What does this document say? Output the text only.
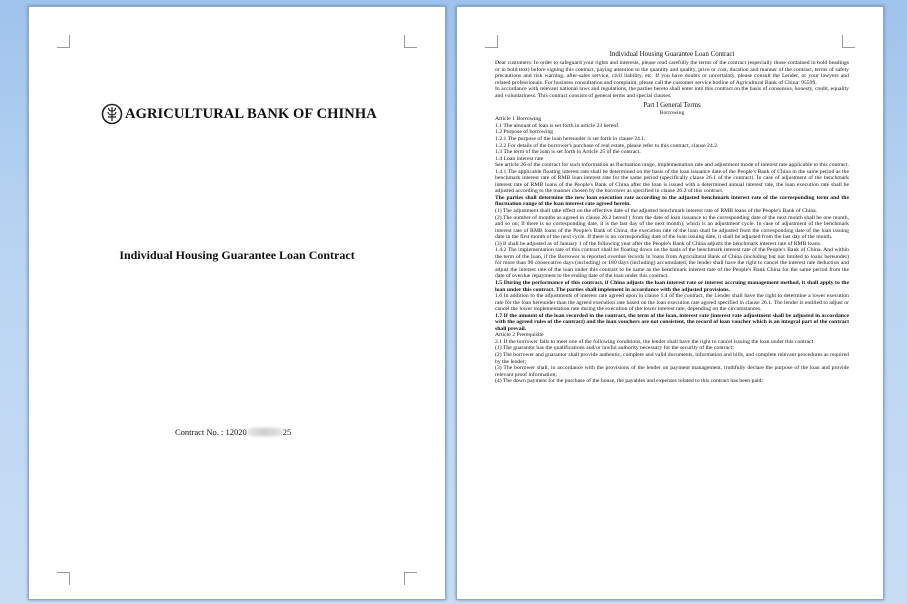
AGRICULTURAL BANK OF CHINHA
Individual Housing Guarantee Loan Contract
Contract No. : 12020	25

Individual Housing Guarantee Loan Contract

Dear customers: In order to safeguard your rights and interests, please read carefully the terms of the contract (especially those contained in bold headings or in bold text) before signing this contract, paying attention to the quantity and quality, price or cost, duration and manner of the contract, terms of safety precautions and risk warning, after-sales service, civil liability, etc. If you have doubts or uncertainty, please consult the Lender, or your lawyers and related professionals. For business consultation and complaint, please call the customer service hotline of Agricultural Bank of China: 95599.

In accordance with relevant national laws and regulations, the parties hereto shall enter into this contract on the basis of consensus, honesty, credit, equality and voluntariness. This contract consists of general terms and special clauses.

Part I General Terms

Borrowing

Article 1 Borrowing

1.1 The amount of loan is set forth in article 23 hereof.

1.2 Purpose of borrowing

1.2.1 The purpose of the loan hereunder is set forth in clause 24.1.

1.2.2 For details of the borrower's purchase of real estate, please refer to this contract, clause 24.2.

1.3 The term of the loan is set forth in Article 25 of the contract.

1.4 Loan interest rate

See article 26 of the contract for such information as fluctuation range, implementation rate and adjustment mode of interest rate applicable to this contract.

1.4.1 The applicable floating interest rate shall be determined on the basis of the loan issuance date of the People's Bank of China in the same period as the benchmark interest rate of RMB loan interest rate for the same period (specifically clause 26.1 of the contract). In case of adjustment of the benchmark interest rate of RMB loans of the People's Bank of China after the loan is issued with a determined annual interest rate, the loan execution rate shall be adjusted according to the manner chosen by the borrower as specified in clause 26.2 of this contract.

The parties shall determine the new loan execution rate according to the adjusted benchmark interest rate of the corresponding term and the fluctuation range of the loan interest rate agreed herein.

(1) The adjustment shall take effect on the effective date of the adjusted benchmark interest rate of RMB loans of the People's Bank of China.

(2) The number of months as agreed in clause 26.2 hereof ( from the date of loan issuance to the corresponding date of the next month shall be one month, and so on; If there is no corresponding date, it is the last day of the next month), which is an adjustment cycle. In case of adjustment of the benchmark interest rate of RMB loans of the People's Bank of China, the execution rate of the loan shall be adjusted from the corresponding date of the loan issuing date in the first month of the next cycle. If there is no corresponding date of the loan issuing date, it shall be adjusted from the last day of the month.

(3) It shall be adjusted as of January 1 of the following year after the People's Bank of China adjusts the benchmark interest rate of RMB loans.

1.4.2 The implementation rate of this contract shall be floating down on the basis of the benchmark interest rate of the People's Bank of China. And within the term of the loan, if the Borrower is reported overdue records in loans from Agricultural Bank of China (including but not limited to loans hereunder) for more than 90 consecutive days (including) or 180 days (including) accumulated, the lender shall have the right to cancel the interest rate deduction and adjust the interest rate of the loan under this contract to be same as the benchmark interest rate of the People's Bank China for the same period from the date of overdue repayment to the ending date of the loan under this contract.

1.5 During the performance of this contract, if China adjusts the loan interest rate or interest accruing management method, it shall apply to the loan under this contract. The parties shall implement in accordance with the adjusted provisions.

1.6 In addition to the adjustments of interest rate agreed upon in clause 1.4 of the contract, the Lender shall have the right to determine a lower execution rate for the loan hereunder than the agreed execution rate based on the loan execution rate agreed specified in clause 26.1. The lender is entitled to adjust or cancel the lower implementation rate during the execution of the lower interest rate, depending on the circumstances.

1.7 If the amount of the loan recorded in the contract, the term of the loan, interest rate (interest rate adjustment shall be adjusted in accordance with the agreed rules of the contract) and the loan vouchers are not consistent, the record of loan voucher which is an integral part of the contract shall prevail.

Article 2 Prerequisite

2.1 If the borrower fails to meet one of the following conditions, the lender shall have the right to cancel issuing the loan under this contract:

(1) The guarantor has the qualifications and/or lawful authority necessary for the security of the contract;

(2) The borrower and guarantor shall provide authentic, complete and valid documents, information and bills, and complete relevant procedures as required by the lender;

(3) The borrower shall, in accordance with the provisions of the lender on payment management, truthfully declare the purpose of the loan and provide relevant proof information;

(4) The down payment for the purchase of the house, the payables and expenses related to this contract has been paid;
